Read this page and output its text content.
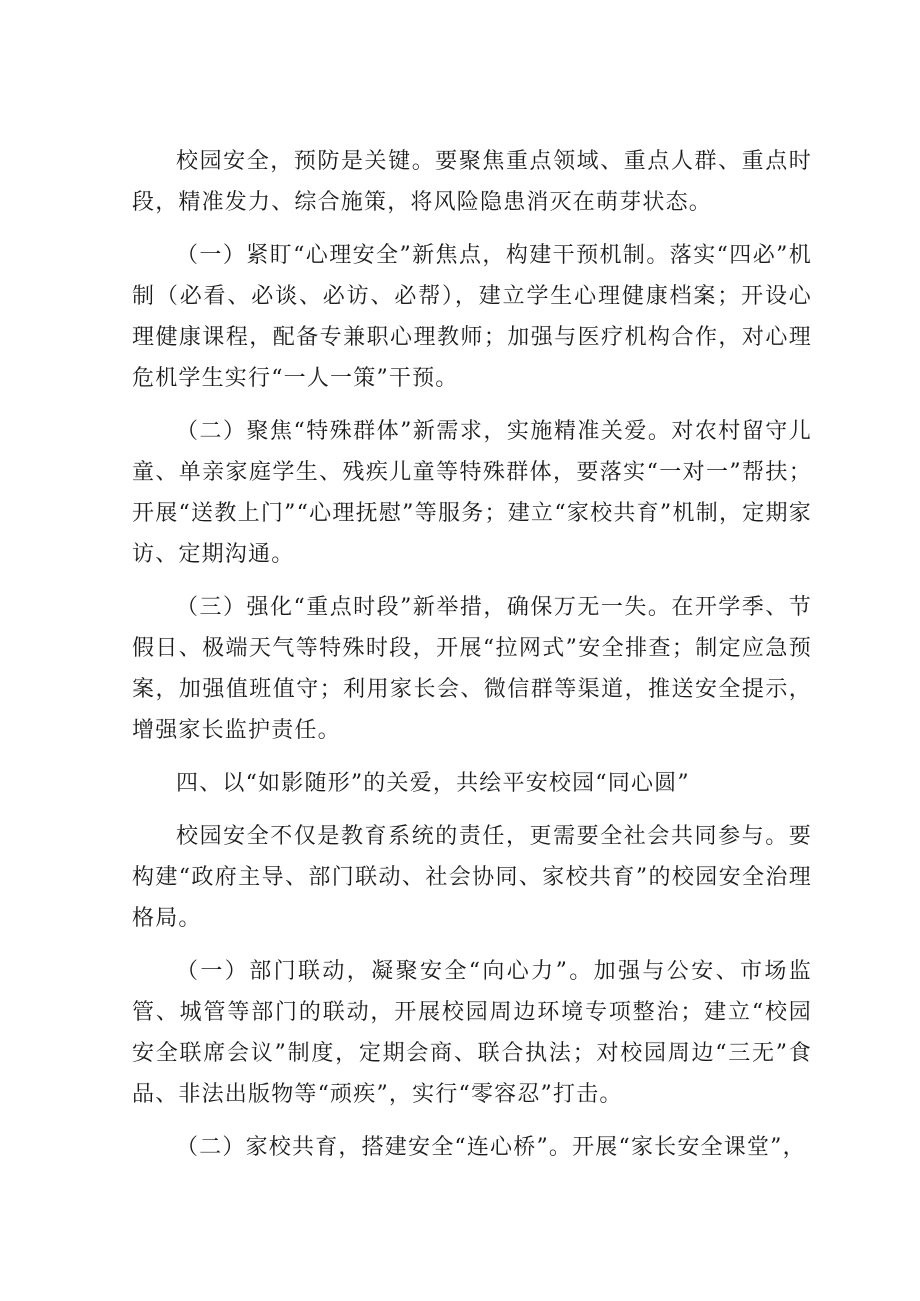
校园安全，预防是关键。要聚焦重点领域、重点人群、重点时段，精准发力、综合施策，将风险隐患消灭在萌芽状态。

（一）紧盯“心理安全”新焦点，构建干预机制。落实“四必”机制（必看、必谈、必访、必帮），建立学生心理健康档案；开设心理健康课程，配备专兼职心理教师；加强与医疗机构合作，对心理危机学生实行“一人一策”干预。

（二）聚焦“特殊群体”新需求，实施精准关爱。对农村留守儿童、单亲家庭学生、残疾儿童等特殊群体，要落实“一对一”帮扶；开展“送教上门”“心理抚慰”等服务；建立“家校共育”机制，定期家访、定期沟通。

（三）强化“重点时段”新举措，确保万无一失。在开学季、节假日、极端天气等特殊时段，开展“拉网式”安全排查；制定应急预案，加强值班值守；利用家长会、微信群等渠道，推送安全提示，增强家长监护责任。

四、以“如影随形”的关爱，共绘平安校园“同心圆”

校园安全不仅是教育系统的责任，更需要全社会共同参与。要构建“政府主导、部门联动、社会协同、家校共育”的校园安全治理格局。

（一）部门联动，凝聚安全“向心力”。加强与公安、市场监管、城管等部门的联动，开展校园周边环境专项整治；建立“校园安全联席会议”制度，定期会商、联合执法；对校园周边“三无”食品、非法出版物等“顽疾”，实行“零容忍”打击。

（二）家校共育，搭建安全“连心桥”。开展“家长安全课堂”，
